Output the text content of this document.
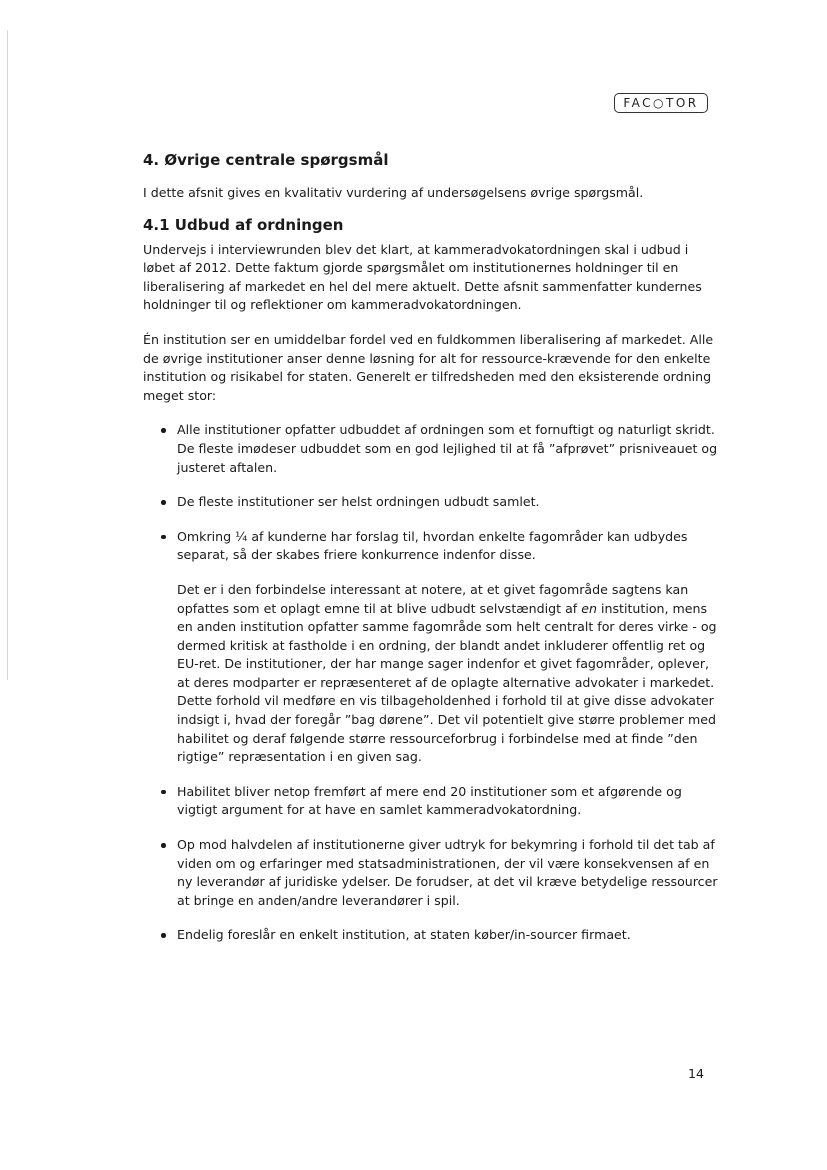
FAC○TOR
4. Øvrige centrale spørgsmål

I dette afsnit gives en kvalitativ vurdering af undersøgelsens øvrige spørgsmål.

4.1 Udbud af ordningen

Undervejs i interviewrunden blev det klart, at kammeradvokatordningen skal i udbud i løbet af 2012. Dette faktum gjorde spørgsmålet om institutionernes holdninger til en liberalisering af markedet en hel del mere aktuelt. Dette afsnit sammenfatter kundernes holdninger til og reflektioner om kammeradvokatordningen.

Én institution ser en umiddelbar fordel ved en fuldkommen liberalisering af markedet. Alle de øvrige institutioner anser denne løsning for alt for ressource-krævende for den enkelte institution og risikabel for staten. Generelt er tilfredsheden med den eksisterende ordning meget stor:

Alle institutioner opfatter udbuddet af ordningen som et fornuftigt og naturligt skridt. De fleste imødeser udbuddet som en god lejlighed til at få ”afprøvet” prisniveauet og justeret aftalen.
De fleste institutioner ser helst ordningen udbudt samlet.
Omkring ¼ af kunderne har forslag til, hvordan enkelte fagområder kan udbydes separat, så der skabes friere konkurrence indenfor disse.

Det er i den forbindelse interessant at notere, at et givet fagområde sagtens kan opfattes som et oplagt emne til at blive udbudt selvstændigt af en institution, mens en anden institution opfatter samme fagområde som helt centralt for deres virke - og dermed kritisk at fastholde i en ordning, der blandt andet inkluderer offentlig ret og EU-ret. De institutioner, der har mange sager indenfor et givet fagområder, oplever, at deres modparter er repræsenteret af de oplagte alternative advokater i markedet. Dette forhold vil medføre en vis tilbageholdenhed i forhold til at give disse advokater indsigt i, hvad der foregår ”bag dørene”. Det vil potentielt give større problemer med habilitet og deraf følgende større ressourceforbrug i forbindelse med at finde ”den rigtige” repræsentation i en given sag.

Habilitet bliver netop fremført af mere end 20 institutioner som et afgørende og vigtigt argument for at have en samlet kammeradvokatordning.
Op mod halvdelen af institutionerne giver udtryk for bekymring i forhold til det tab af viden om og erfaringer med statsadministrationen, der vil være konsekvensen af en ny leverandør af juridiske ydelser. De forudser, at det vil kræve betydelige ressourcer at bringe en anden/andre leverandører i spil.
Endelig foreslår en enkelt institution, at staten køber/in-sourcer firmaet.
14
